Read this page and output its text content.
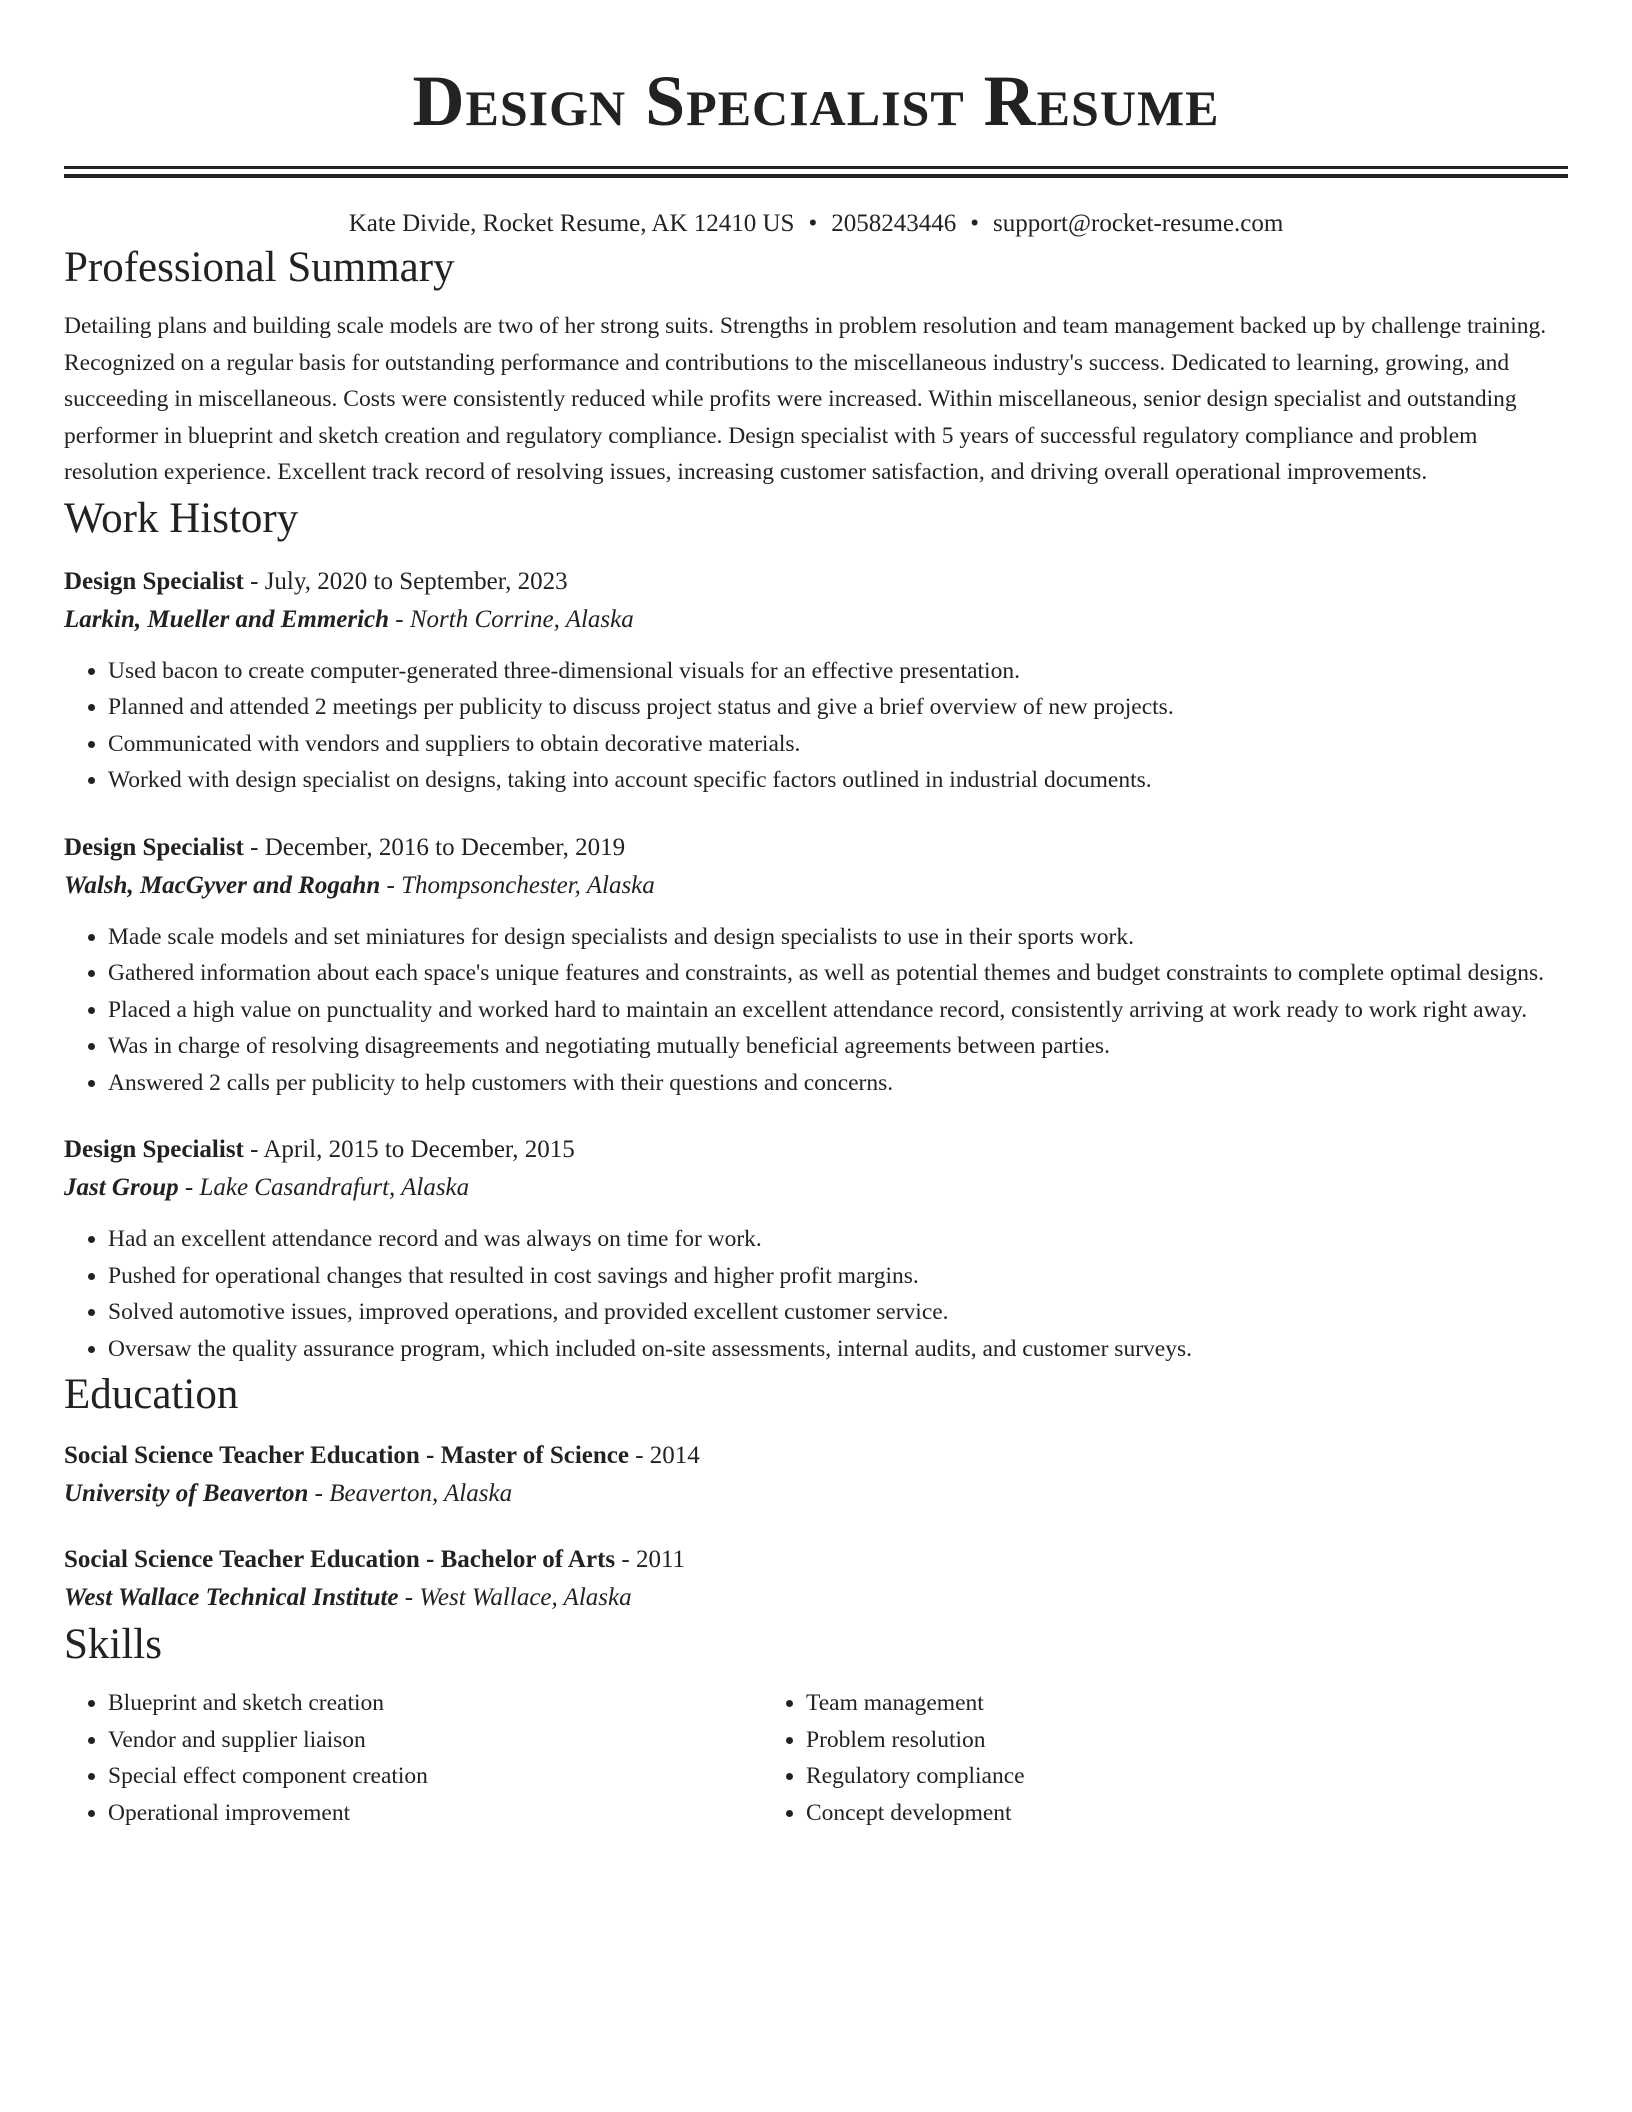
Design Specialist Resume
Kate Divide, Rocket Resume, AK 12410 US • 2058243446 • support@rocket-resume.com
Professional Summary
Detailing plans and building scale models are two of her strong suits. Strengths in problem resolution and team management backed up by challenge training. Recognized on a regular basis for outstanding performance and contributions to the miscellaneous industry's success. Dedicated to learning, growing, and succeeding in miscellaneous. Costs were consistently reduced while profits were increased. Within miscellaneous, senior design specialist and outstanding performer in blueprint and sketch creation and regulatory compliance. Design specialist with 5 years of successful regulatory compliance and problem resolution experience. Excellent track record of resolving issues, increasing customer satisfaction, and driving overall operational improvements.
Work History
Design Specialist - July, 2020 to September, 2023
Larkin, Mueller and Emmerich - North Corrine, Alaska
• Used bacon to create computer-generated three-dimensional visuals for an effective presentation.
• Planned and attended 2 meetings per publicity to discuss project status and give a brief overview of new projects.
• Communicated with vendors and suppliers to obtain decorative materials.
• Worked with design specialist on designs, taking into account specific factors outlined in industrial documents.
Design Specialist - December, 2016 to December, 2019
Walsh, MacGyver and Rogahn - Thompsonchester, Alaska
• Made scale models and set miniatures for design specialists and design specialists to use in their sports work.
• Gathered information about each space's unique features and constraints, as well as potential themes and budget constraints to complete optimal designs.
• Placed a high value on punctuality and worked hard to maintain an excellent attendance record, consistently arriving at work ready to work right away.
• Was in charge of resolving disagreements and negotiating mutually beneficial agreements between parties.
• Answered 2 calls per publicity to help customers with their questions and concerns.
Design Specialist - April, 2015 to December, 2015
Jast Group - Lake Casandrafurt, Alaska
• Had an excellent attendance record and was always on time for work.
• Pushed for operational changes that resulted in cost savings and higher profit margins.
• Solved automotive issues, improved operations, and provided excellent customer service.
• Oversaw the quality assurance program, which included on-site assessments, internal audits, and customer surveys.
Education
Social Science Teacher Education - Master of Science - 2014
University of Beaverton - Beaverton, Alaska
Social Science Teacher Education - Bachelor of Arts - 2011
West Wallace Technical Institute - West Wallace, Alaska
Skills
• Blueprint and sketch creation
• Vendor and supplier liaison
• Special effect component creation
• Operational improvement
• Team management
• Problem resolution
• Regulatory compliance
• Concept development
